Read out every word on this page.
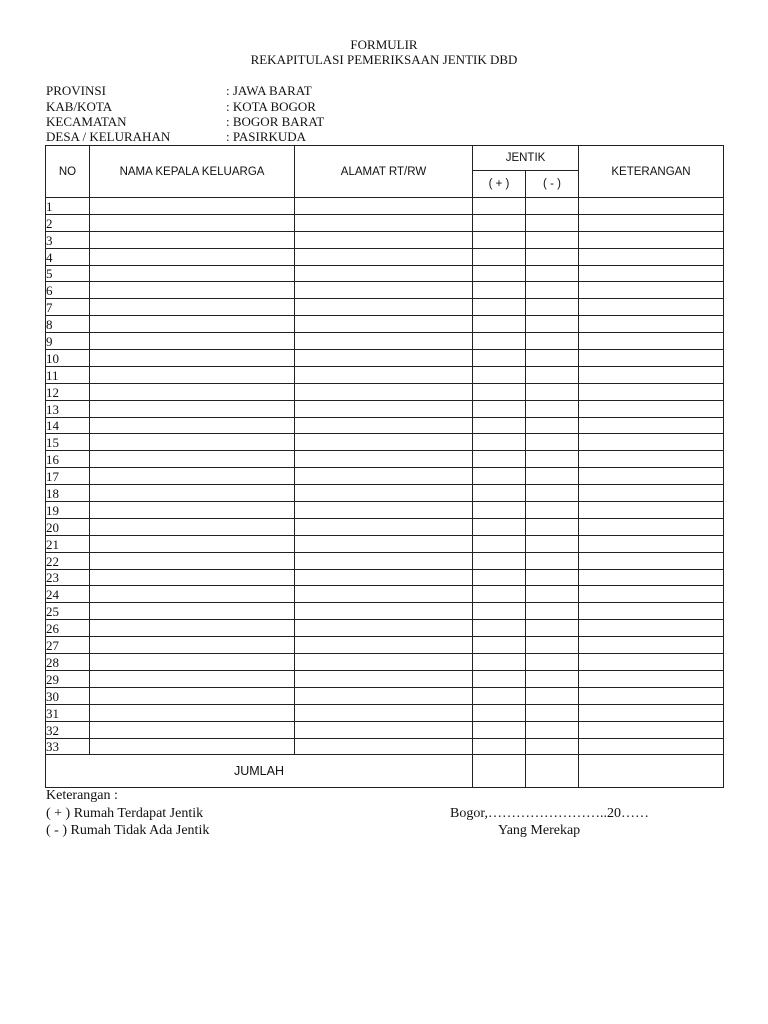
FORMULIR
REKAPITULASI PEMERIKSAAN JENTIK DBD
PROVINSI	: JAWA BARAT
KAB/KOTA	: KOTA BOGOR
KECAMATAN	: BOGOR BARAT
DESA / KELURAHAN	: PASIRKUDA
NO	NAMA KEPALA KELUARGA	ALAMAT RT/RW	JENTIK		KETERANGAN
			( + )	( - )	
1					
2					
3					
4					
5					
6					
7					
8					
9					
10					
11					
12					
13					
14					
15					
16					
17					
18					
19					
20					
21					
22					
23					
24					
25					
26					
27					
28					
29					
30					
31					
32					
33					
JUMLAH					
Keterangan :
( + ) Rumah Terdapat Jentik
( - ) Rumah Tidak Ada Jentik
Bogor,……………………..20……
Yang Merekap
